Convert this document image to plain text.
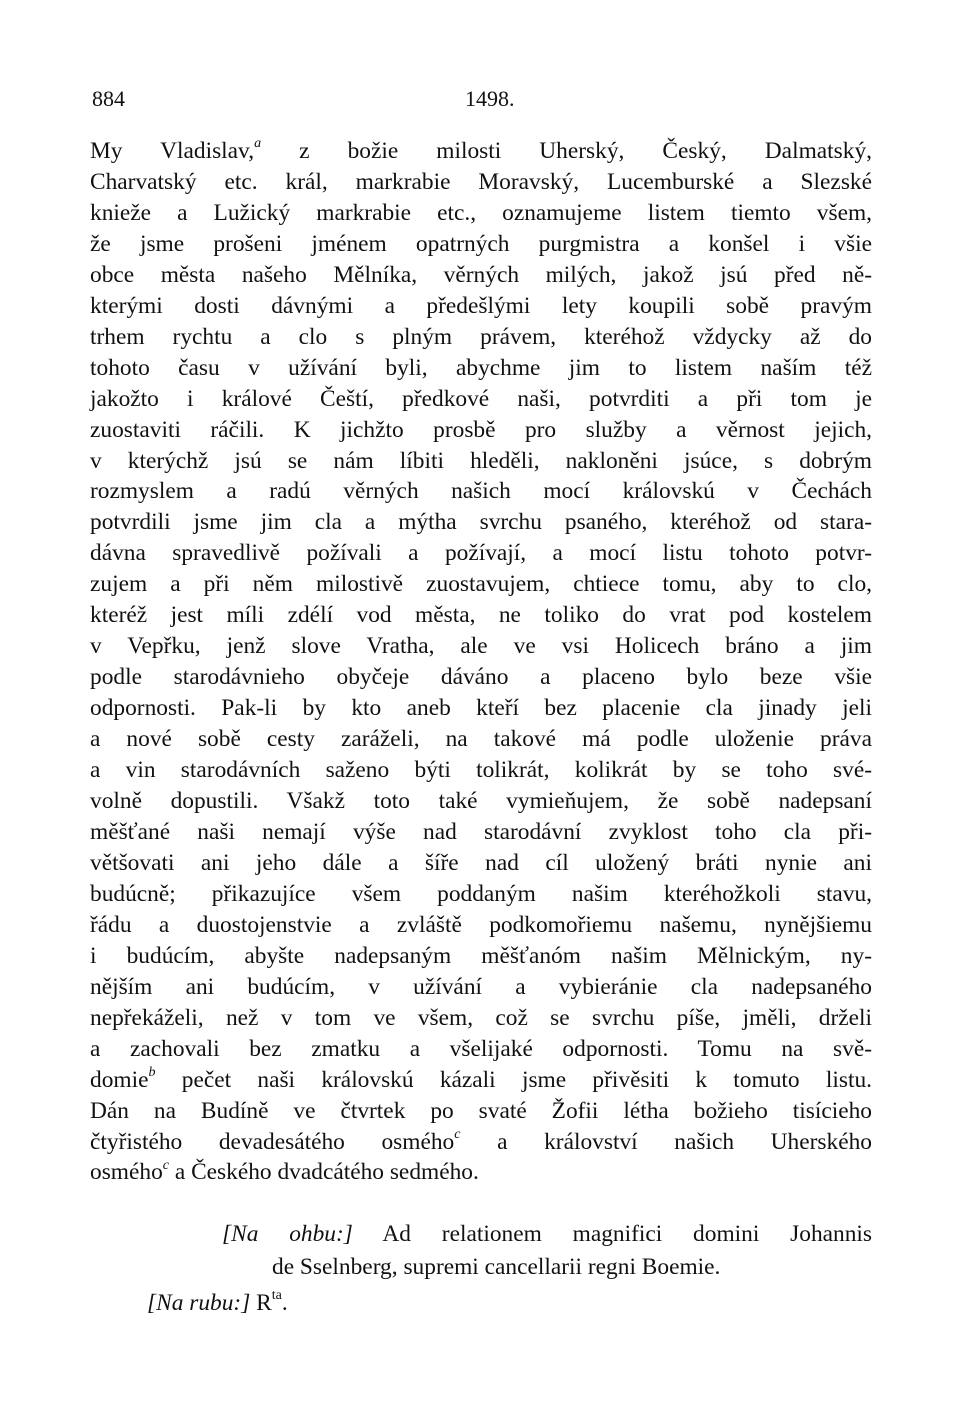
884	1498.
My Vladislav,$^a$ z božie milosti Uherský, Český, Dalmatský,
Charvatský etc. král, markrabie Moravský, Lucemburské a Slezské
knieže a Lužický markrabie etc., oznamujeme listem tiemto všem,
že jsme prošeni jménem opatrných purgmistra a konšel i všie
obce města našeho Mělníka, věrných milých, jakož jsú před ně-
kterými dosti dávnými a předešlými lety koupili sobě pravým
trhem rychtu a clo s plným právem, kteréhož vždycky až do
tohoto času v užívání byli, abychme jim to listem naším též
jakožto i králové Čeští, předkové naši, potvrditi a při tom je
zuostaviti ráčili. K jichžto prosbě pro služby a věrnost jejich,
v kterýchž jsú se nám líbiti hleděli, nakloněni jsúce, s dobrým
rozmyslem a radú věrných našich mocí královskú v Čechách
potvrdili jsme jim cla a mýtha svrchu psaného, kteréhož od stara-
dávna spravedlivě požívali a požívají, a mocí listu tohoto potvr-
zujem a při něm milostivě zuostavujem, chtiece tomu, aby to clo,
kteréž jest míli zdélí vod města, ne toliko do vrat pod kostelem
v Vepřku, jenž slove Vratha, ale ve vsi Holicech bráno a jim
podle starodávnieho obyčeje dáváno a placeno bylo beze všie
odpornosti. Pak-li by kto aneb kteří bez placenie cla jinady jeli
a nové sobě cesty zaráželi, na takové má podle uloženie práva
a vin starodávních saženo býti tolikrát, kolikrát by se toho své-
volně dopustili. Všakž toto také vymieňujem, že sobě nadepsaní
měšťané naši nemají výše nad starodávní zvyklost toho cla při-
většovati ani jeho dále a šíře nad cíl uložený bráti nynie ani
budúcně; přikazujíce všem poddaným našim kteréhožkoli stavu,
řádu a duostojenstvie a zvláště podkomořiemu našemu, nynějšiemu
i budúcím, abyšte nadepsaným měšťanóm našim Mělnickým, ny-
nějším ani budúcím, v užívání a vybieránie cla nadepsaného
nepřekáželi, než v tom ve všem, což se svrchu píše, jměli, drželi
a zachovali bez zmatku a všelijaké odpornosti. Tomu na svě-
domie$^b$ pečet naši královskú kázali jsme přivěsiti k tomuto listu.
Dán na Budíně ve čtvrtek po svaté Žofii létha božieho tisícieho
čtyřistého devadesátého osmého$^c$ a království našich Uherského
osmého$^c$ a Českého dvadcátého sedmého.
[Na ohbu:] Ad relationem magnifici domini Johannis
de Sselnberg, supremi cancellarii regni Boemie.
[Na rubu:] $R^{ta}$.
